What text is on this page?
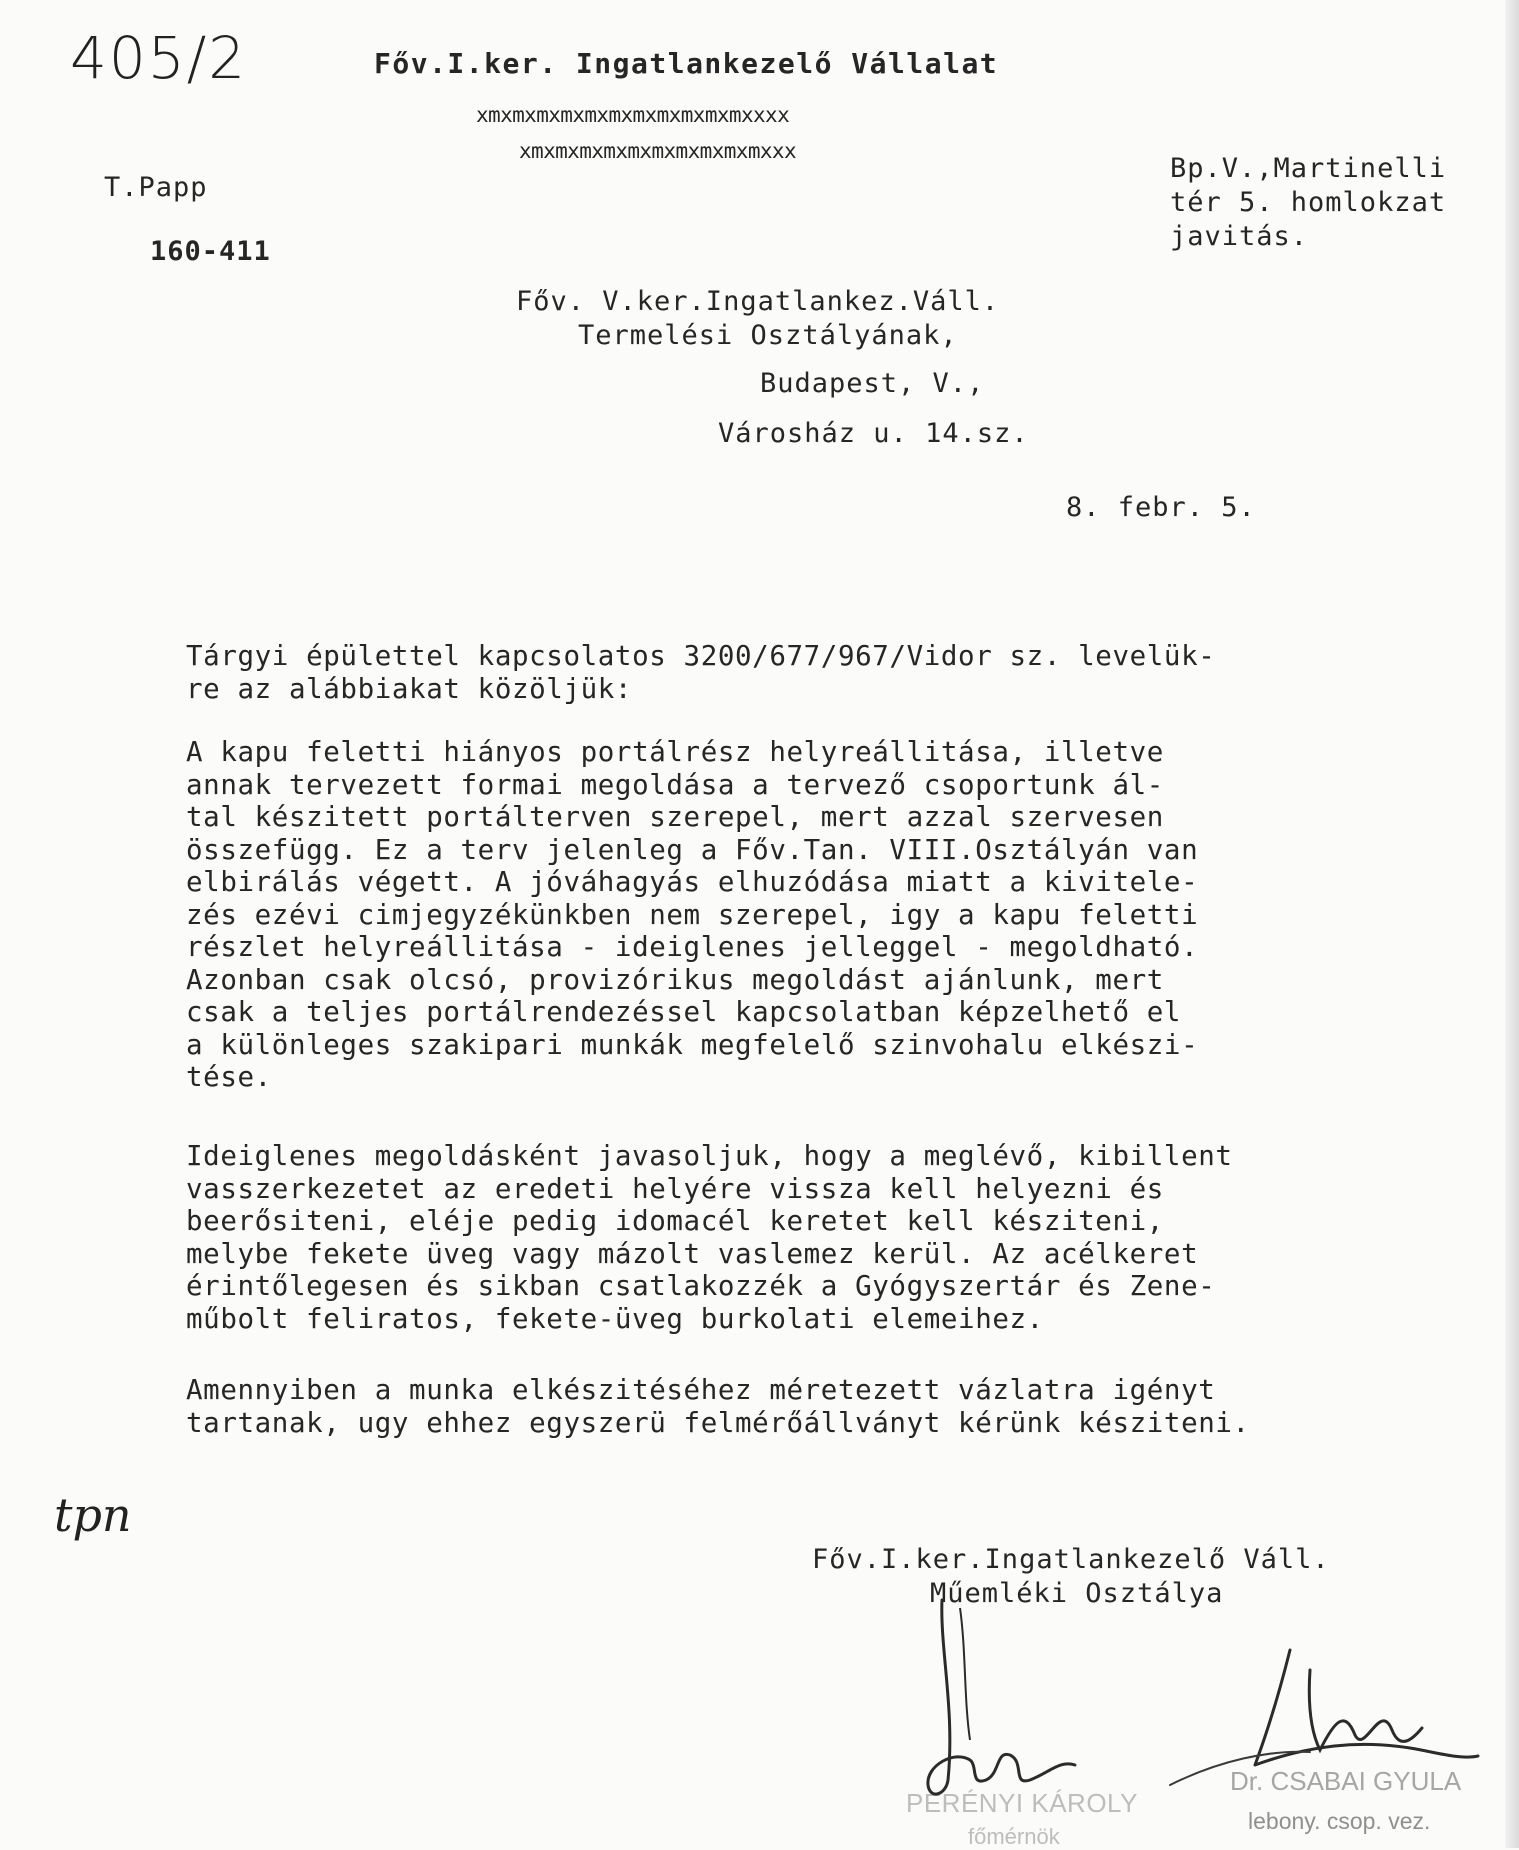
405/2	Főv.I.ker. Ingatlankezelő Vállalat
xmxmxmxmxmxmxmxmxmxmxmxxxx
xmxmxmxmxmxmxmxmxmxmxxx
T.Papp
160-411
Bp.V.,Martinelli
tér 5. homlokzat
javitás.
Főv. V.ker.Ingatlankez.Váll.
Termelési Osztályának,
Budapest, V.,
Városház u. 14.sz.
8. febr. 5.
Tárgyi épülettel kapcsolatos 3200/677/967/Vidor sz. levelük-
re az alábbiakat közöljük:
A kapu feletti hiányos portálrész helyreállitása, illetve
annak tervezett formai megoldása a tervező csoportunk ál-
tal készitett portálterven szerepel, mert azzal szervesen
összefügg. Ez a terv jelenleg a Főv.Tan. VIII.Osztályán van
elbirálás végett. A jóváhagyás elhuzódása miatt a kivitele-
zés ezévi cimjegyzékünkben nem szerepel, igy a kapu feletti
részlet helyreállitása - ideiglenes jelleggel - megoldható.
Azonban csak olcsó, provizórikus megoldást ajánlunk, mert
csak a teljes portálrendezéssel kapcsolatban képzelhető el
a különleges szakipari munkák megfelelő szinvohalu elkészi-
tése.
Ideiglenes megoldásként javasoljuk, hogy a meglévő, kibillent
vasszerkezetet az eredeti helyére vissza kell helyezni és
beerősiteni, eléje pedig idomacél keretet kell késziteni,
melybe fekete üveg vagy mázolt vaslemez kerül. Az acélkeret
érintőlegesen és sikban csatlakozzék a Gyógyszertár és Zene-
műbolt feliratos, fekete-üveg burkolati elemeihez.
Amennyiben a munka elkészitéséhez méretezett vázlatra igényt
tartanak, ugy ehhez egyszerü felmérőállványt kérünk késziteni.
tpn
Főv.I.ker.Ingatlankezelő Váll.
Műemléki Osztálya
PERÉNYI KÁROLY
főmérnök
Dr. CSABAI GYULA
lebony. csop. vez.
